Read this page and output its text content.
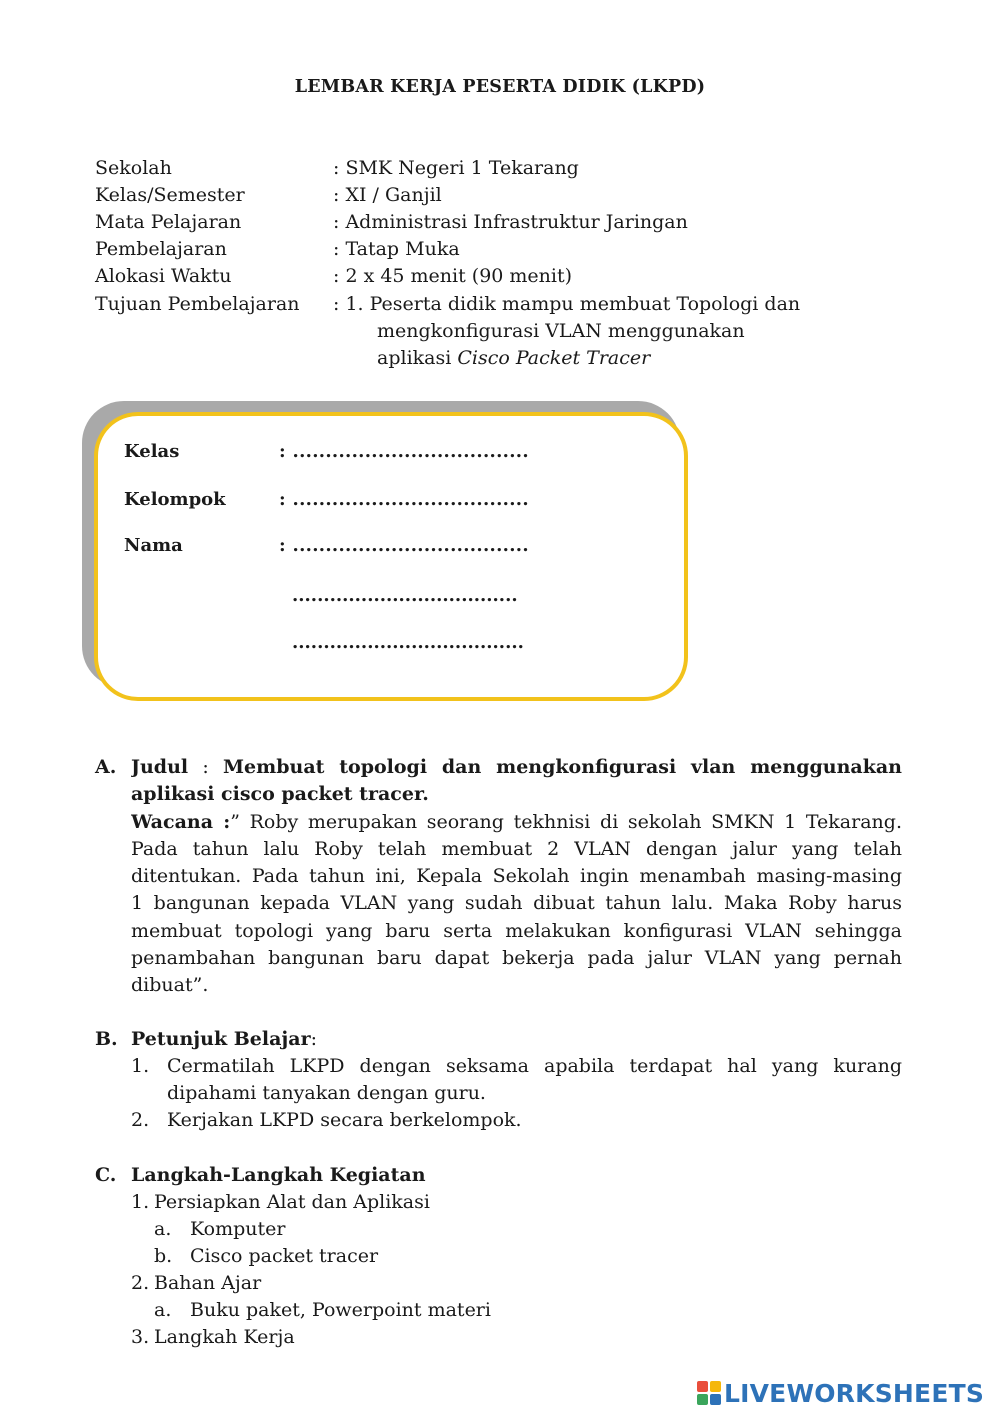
LEMBAR KERJA PESERTA DIDIK (LKPD)
Sekolah	: SMK Negeri 1 Tekarang
Kelas/Semester	: XI / Ganjil
Mata Pelajaran	: Administrasi Infrastruktur Jaringan
Pembelajaran	: Tatap Muka
Alokasi Waktu	: 2 x 45 menit (90 menit)
Tujuan Pembelajaran : 1. Peserta didik mampu membuat Topologi dan
mengkonfigurasi VLAN menggunakan
aplikasi Cisco Packet Tracer
Kelas	: ....................................
Kelompok	: ....................................
Nama	: ....................................
....................................
.....................................
A. Judul : Membuat topologi dan mengkonfigurasi vlan menggunakan
aplikasi cisco packet tracer.
Wacana :” Roby merupakan seorang tekhnisi di sekolah SMKN 1 Tekarang.
Pada tahun lalu Roby telah membuat 2 VLAN dengan jalur yang telah
ditentukan. Pada tahun ini, Kepala Sekolah ingin menambah masing-masing
1 bangunan kepada VLAN yang sudah dibuat tahun lalu. Maka Roby harus
membuat topologi yang baru serta melakukan konfigurasi VLAN sehingga
penambahan bangunan baru dapat bekerja pada jalur VLAN yang pernah
dibuat”.
B. Petunjuk Belajar:
1. Cermatilah LKPD dengan seksama apabila terdapat hal yang kurang
dipahami tanyakan dengan guru.
2. Kerjakan LKPD secara berkelompok.
C. Langkah-Langkah Kegiatan
1. Persiapkan Alat dan Aplikasi
a. Komputer
b. Cisco packet tracer
2. Bahan Ajar
a. Buku paket, Powerpoint materi
3. Langkah Kerja
LIVEWORKSHEETS
